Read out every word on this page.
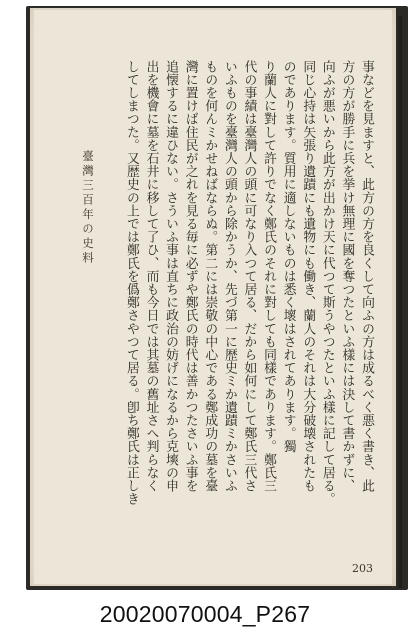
臺灣三百年の史料	事などを見ますと、此方の方を良くして向ふの方は成るべく悪く書き、此
方の方が勝手に兵を挙け無理に國を奪つたといふ樣には決して書かずに、
向ふが悪いから此方が出かけ天に代つて斯うやつたといふ樣に記して居る。
同じ心持は矢張り遺蹟にも遺物にも働き、蘭人のそれは大分破壊されたも
のであります。質用に適しないものは悉く壞はされてあります。獨
り蘭人に對して許りでなく鄭氏のそれに對しても同樣であります。鄭氏三
代の事績は臺灣人の頭に可なり入つて居る、だから如何にして鄭氏三代さ
いふものを臺灣人の頭から除かうか、先づ第一に歴史ミか遺蹟ミかさいふ
ものを何んミかせねばならぬ。第二には崇敬の中心である鄭成功の墓を臺
灣に置けば住民が之れを見る毎に必ずや鄭氏の時代は善かつたさいふ事を
追懐するに違ひない。さういふ事は直ちに政治の妨げになるから克塽の申
出を機會に墓を石井に移して了ひ、而も今日では其墓の舊址さへ判らなく
してしまつた。又歴史の上では鄭氏を僞鄭さやつて居る。卽ち鄭氏は正しき
203
20020070004_P267
